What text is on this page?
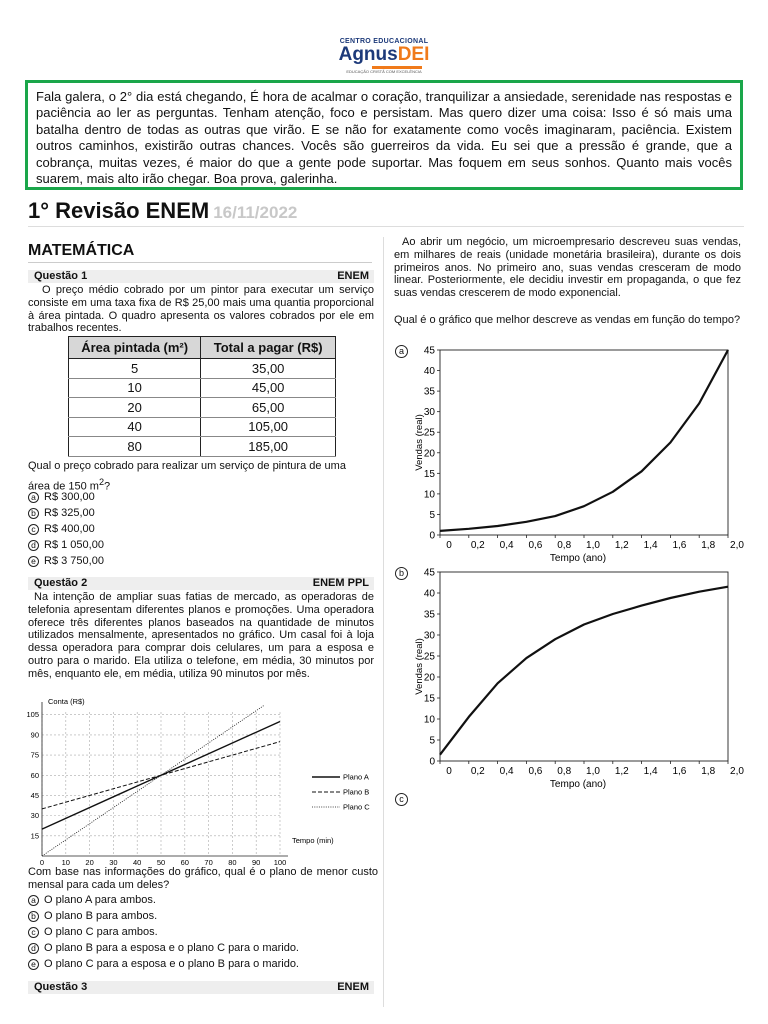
CENTRO EDUCACIONAL
AgnusDEI
EDUCAÇÃO CRISTÃ COM EXCELÊNCIA
Fala galera, o 2° dia está chegando, É hora de acalmar o coração, tranquilizar a ansiedade, serenidade nas respostas e paciência ao ler as perguntas. Tenham atenção, foco e persistam. Mas quero dizer uma coisa: Isso é só mais uma batalha dentro de todas as outras que virão. E se não for exatamente como vocês imaginaram, paciência. Existem outros caminhos, existirão outras chances. Vocês são guerreiros da vida. Eu sei que a pressão é grande, que a cobrança, muitas vezes, é maior do que a gente pode suportar. Mas foquem em seus sonhos. Quanto mais vocês suarem, mais alto irão chegar. Boa prova, galerinha.
1° Revisão ENEM 16/11/2022
MATEMÁTICA
Questão 1	ENEM
O preço médio cobrado por um pintor para executar um serviço consiste em uma taxa fixa de R$ 25,00 mais uma quantia proporcional à área pintada. O quadro apresenta os valores cobrados por ele em trabalhos recentes.
Área pintada (m²)	Total a pagar (R$)
5	35,00
10	45,00
20	65,00
40	105,00
80	185,00
Qual o preço cobrado para realizar um serviço de pintura de uma
área de 150 $m^2$?
a R$ 300,00
b R$ 325,00
c R$ 400,00
d R$ 1 050,00
e R$ 3 750,00
Questão 2	ENEM PPL
Na intenção de ampliar suas fatias de mercado, as operadoras de telefonia apresentam diferentes planos e promoções. Uma operadora oferece três diferentes planos baseados na quantidade de minutos utilizados mensalmente, apresentados no gráfico. Um casal foi à loja dessa operadora para comprar dois celulares, um para a esposa e outro para o marido. Ela utiliza o telefone, em média, 30 minutos por mês, enquanto ele, em média, utiliza 90 minutos por mês.
0 10 20 30 40 50 60 70 80 90 100
15
30
45
60
75
90
105
Tempo (min)
Conta (R$)
Plano A
Plano B
Plano C
Com base nas informações do gráfico, qual é o plano de menor custo mensal para cada um deles?
a O plano A para ambos.
b O plano B para ambos.
c O plano C para ambos.
d O plano B para a esposa e o plano C para o marido.
e O plano C para a esposa e o plano B para o marido.
Questão 3	ENEM
Ao abrir um negócio, um microempresario descreveu suas vendas, em milhares de reais (unidade monetária brasileira), durante os dois primeiros anos. No primeiro ano, suas vendas cresceram de modo linear. Posteriormente, ele decidiu investir em propaganda, o que fez suas vendas crescerem de modo exponencial.
Qual é o gráfico que melhor descreve as vendas em função do tempo?
a
0
5
10
15
20
25
30
35
40
45
0 0,2 0,4 0,6 0,8 1,0 1,2 1,4 1,6 1,8 2,0
Tempo (ano)
Vendas (real)
b
0
5
10
15
20
25
30
35
40
45
0 0,2 0,4 0,6 0,8 1,0 1,2 1,4 1,6 1,8 2,0
Tempo (ano)
Vendas (real)
c
